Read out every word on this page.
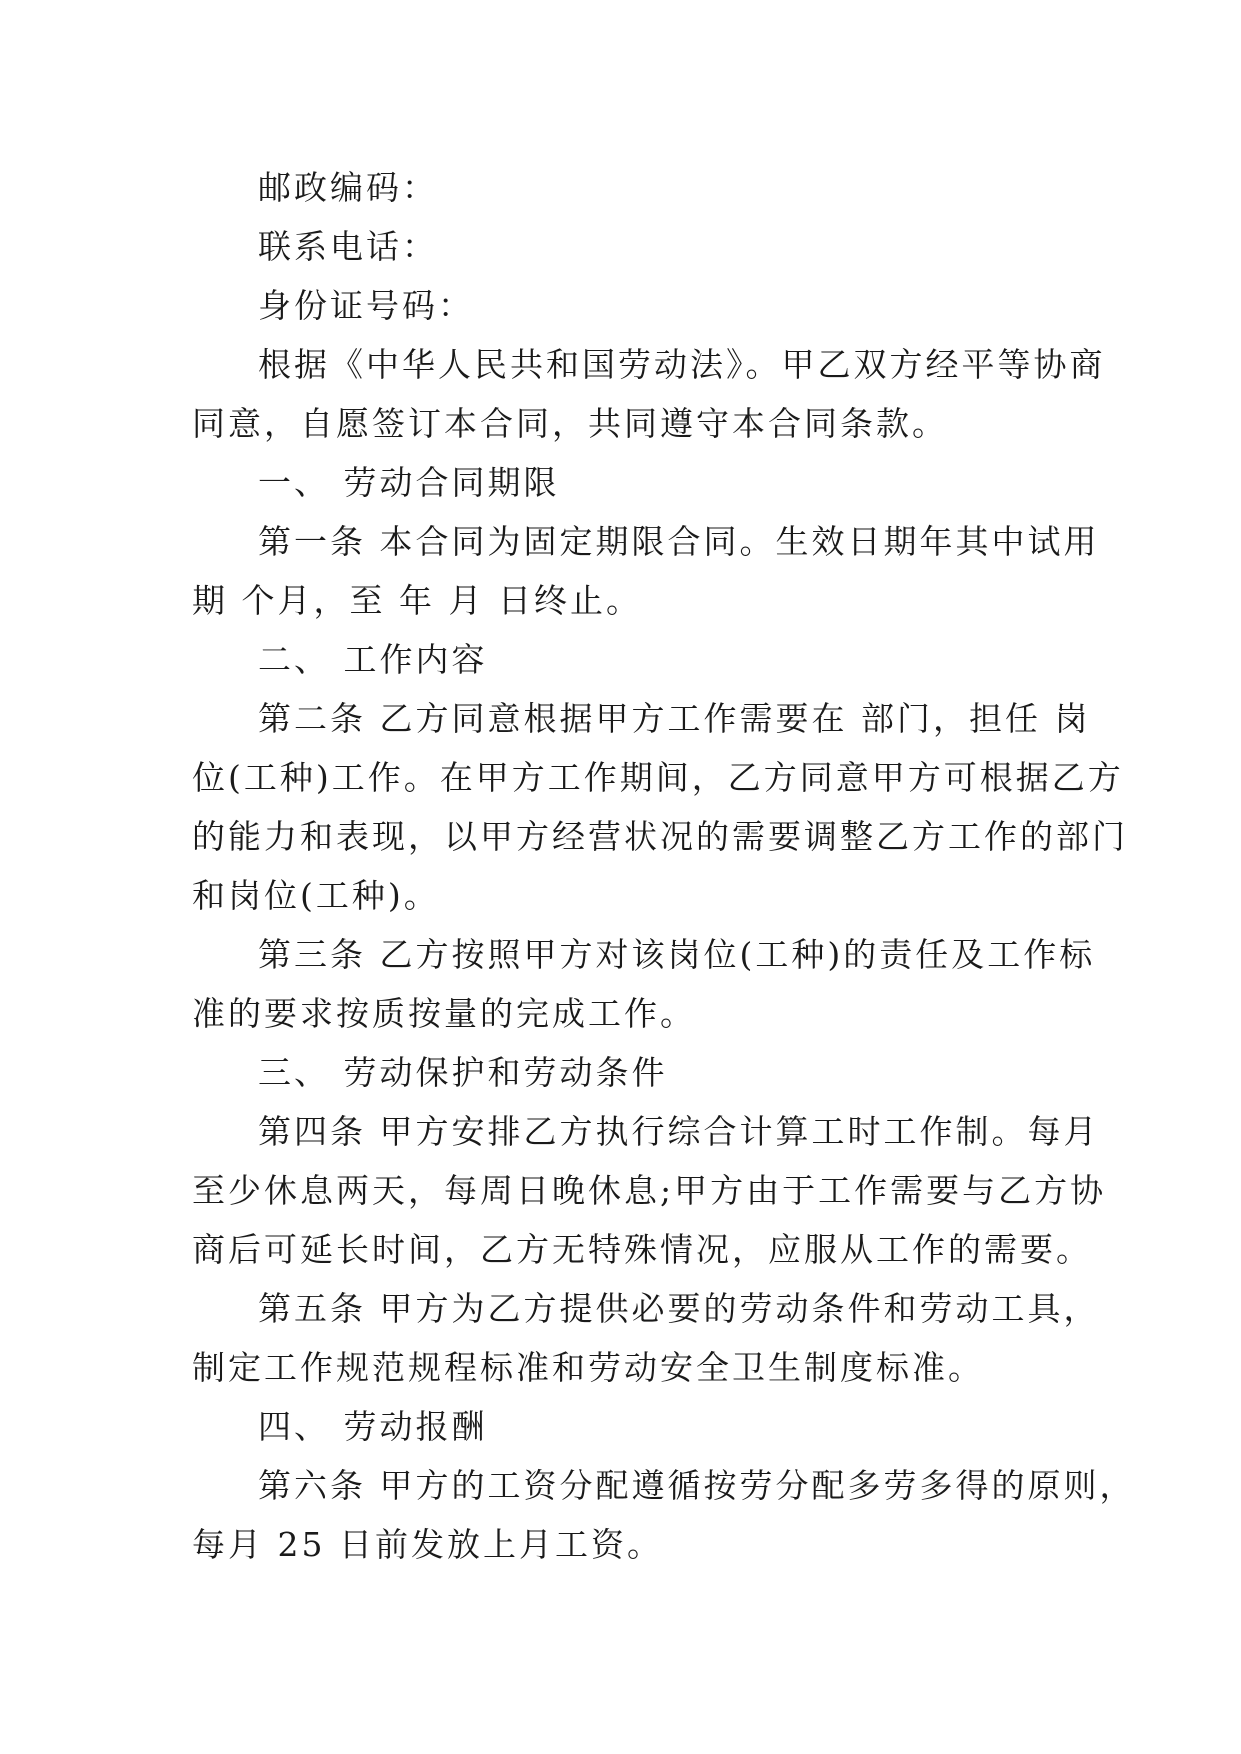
邮政编码：
联系电话：
身份证号码：
根据《中华人民共和国劳动法》。甲乙双方经平等协商
同意，自愿签订本合同，共同遵守本合同条款。
一、 劳动合同期限
第一条 本合同为固定期限合同。生效日期年其中试用
期 个月，至 年 月 日终止。
二、 工作内容
第二条 乙方同意根据甲方工作需要在 部门，担任 岗
位(工种)工作。在甲方工作期间，乙方同意甲方可根据乙方
的能力和表现，以甲方经营状况的需要调整乙方工作的部门
和岗位(工种)。
第三条 乙方按照甲方对该岗位(工种)的责任及工作标
准的要求按质按量的完成工作。
三、 劳动保护和劳动条件
第四条 甲方安排乙方执行综合计算工时工作制。每月
至少休息两天，每周日晚休息;甲方由于工作需要与乙方协
商后可延长时间，乙方无特殊情况，应服从工作的需要。
第五条 甲方为乙方提供必要的劳动条件和劳动工具，
制定工作规范规程标准和劳动安全卫生制度标准。
四、 劳动报酬
第六条 甲方的工资分配遵循按劳分配多劳多得的原则，
每月 25 日前发放上月工资。
